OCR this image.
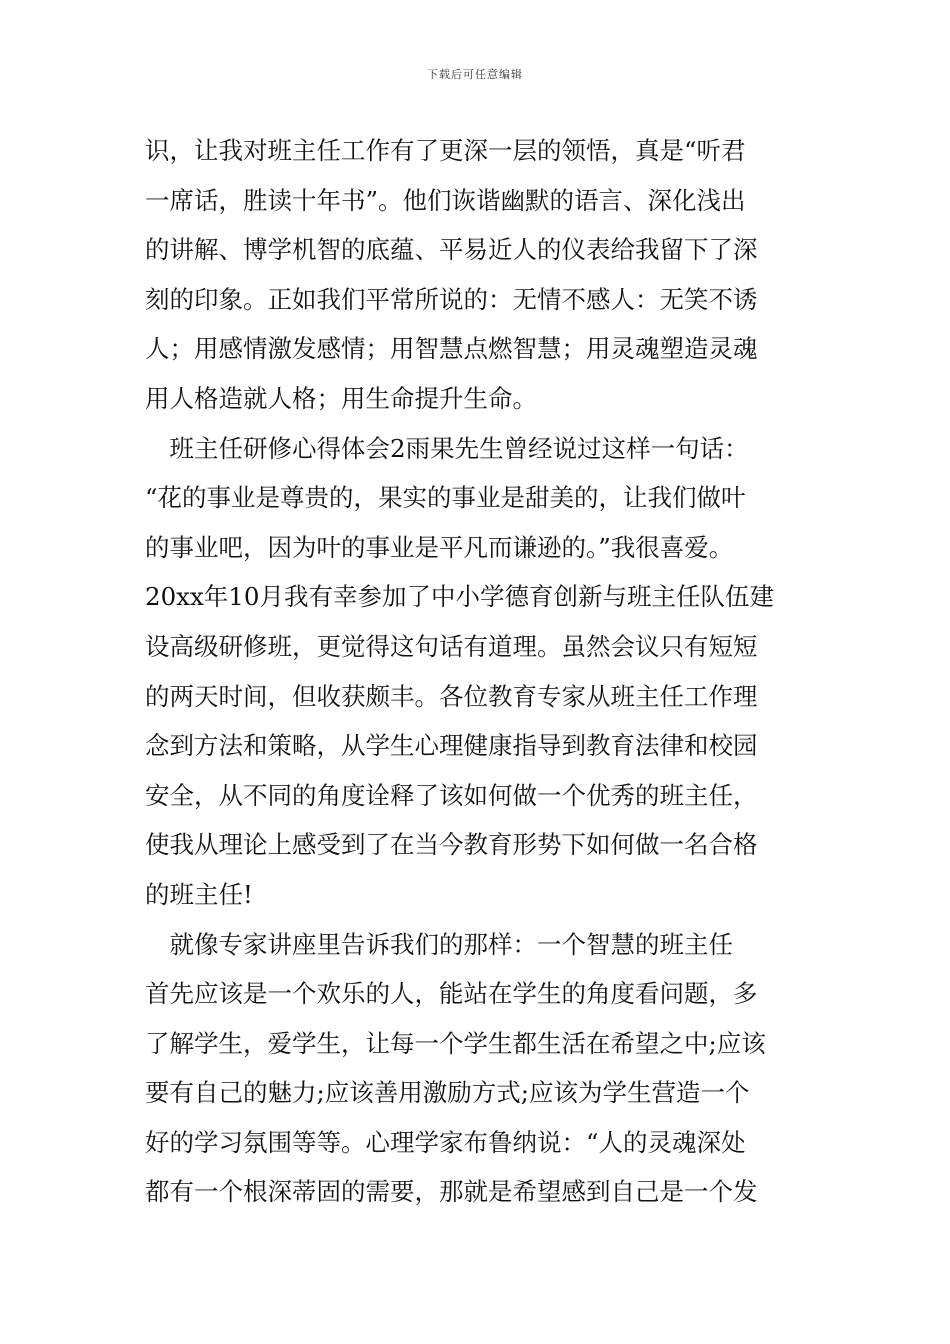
下载后可任意编辑
识，让我对班主任工作有了更深一层的领悟，真是“听君
一席话，胜读十年书”。他们诙谐幽默的语言、深化浅出
的讲解、博学机智的底蕴、平易近人的仪表给我留下了深
刻的印象。正如我们平常所说的：无情不感人：无笑不诱
人；用感情激发感情；用智慧点燃智慧；用灵魂塑造灵魂
用人格造就人格；用生命提升生命。
　班主任研修心得体会2雨果先生曾经说过这样一句话：
“花的事业是尊贵的，果实的事业是甜美的，让我们做叶
的事业吧，因为叶的事业是平凡而谦逊的。”我很喜爱。
20xx年10月我有幸参加了中小学德育创新与班主任队伍建
设高级研修班，更觉得这句话有道理。虽然会议只有短短
的两天时间，但收获颇丰。各位教育专家从班主任工作理
念到方法和策略，从学生心理健康指导到教育法律和校园
安全，从不同的角度诠释了该如何做一个优秀的班主任，
使我从理论上感受到了在当今教育形势下如何做一名合格
的班主任!
　就像专家讲座里告诉我们的那样：一个智慧的班主任
首先应该是一个欢乐的人，能站在学生的角度看问题，多
了解学生，爱学生，让每一个学生都生活在希望之中;应该
要有自己的魅力;应该善用激励方式;应该为学生营造一个
好的学习氛围等等。心理学家布鲁纳说：“人的灵魂深处
都有一个根深蒂固的需要，那就是希望感到自己是一个发
